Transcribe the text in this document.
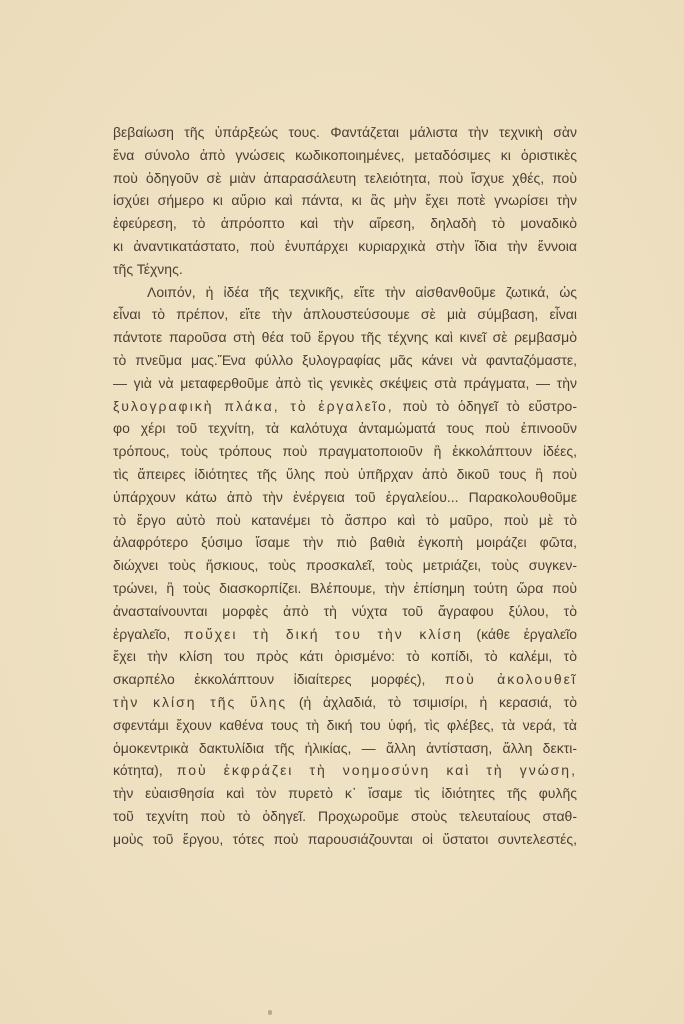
βεβαίωση τῆς ὑπάρξεώς τους. Φαντάζεται μάλιστα τὴν τεχνικὴ σὰν
ἕνα σύνολο ἀπὸ γνώσεις κωδικοποιημένες, μεταδόσιμες κι ὁριστικὲς
ποὺ ὁδηγοῦν σὲ μιὰν ἀπαρασάλευτη τελειότητα, ποὺ ἴσχυε χθές, ποὺ
ἰσχύει σήμερο κι αὔριο καὶ πάντα, κι ἂς μὴν ἔχει ποτὲ γνωρίσει τὴν
ἐφεύρεση, τὸ ἀπρόοπτο καὶ τὴν αἵρεση, δηλαδὴ τὸ μοναδικὸ
κι ἀναντικατάστατο, ποὺ ἐνυπάρχει κυριαρχικὰ στὴν ἴδια τὴν ἔννοια
τῆς Τέχνης.
Λοιπόν, ἡ ἰδέα τῆς τεχνικῆς, εἴτε τὴν αἰσθανθοῦμε ζωτικά, ὡς
εἶναι τὸ πρέπον, εἴτε τὴν ἁπλουστεύσουμε σὲ μιὰ σύμβαση, εἶναι
πάντοτε παροῦσα στὴ θέα τοῦ ἔργου τῆς τέχνης καὶ κινεῖ σὲ ρεμβασμὸ
τὸ πνεῦμα μας.Ἕνα φύλλο ξυλογραφίας μᾶς κάνει νὰ φανταζόμαστε,
— γιὰ νὰ μεταφερθοῦμε ἀπὸ τὶς γενικὲς σκέψεις στὰ πράγματα, — τὴν
ξυλογραφικὴ πλάκα, τὸ ἐργαλεῖο, ποὺ τὸ ὁδηγεῖ τὸ εὔστρο-
φο χέρι τοῦ τεχνίτη, τὰ καλότυχα ἀνταμώματά τους ποὺ ἐπινοοῦν
τρόπους, τοὺς τρόπους ποὺ πραγματοποιοῦν ἢ ἐκκολάπτουν ἰδέες,
τὶς ἄπειρες ἰδιότητες τῆς ὕλης ποὺ ὑπῆρχαν ἀπὸ δικοῦ τους ἢ ποὺ
ὑπάρχουν κάτω ἀπὸ τὴν ἐνέργεια τοῦ ἐργαλείου... Παρακολουθοῦμε
τὸ ἔργο αὐτὸ ποὺ κατανέμει τὸ ἄσπρο καὶ τὸ μαῦρο, ποὺ μὲ τὸ
ἀλαφρότερο ξύσιμο ἴσαμε τὴν πιὸ βαθιὰ ἐγκοπὴ μοιράζει φῶτα,
διώχνει τοὺς ἥσκιους, τοὺς προσκαλεῖ, τοὺς μετριάζει, τοὺς συγκεν-
τρώνει, ἢ τοὺς διασκορπίζει. Βλέπουμε, τὴν ἐπίσημη τούτη ὥρα ποὺ
ἀνασταίνουνται μορφὲς ἀπὸ τὴ νύχτα τοῦ ἄγραφου ξύλου, τὸ
ἐργαλεῖο, ποὔχει τὴ δική του τὴν κλίση (κάθε ἐργαλεῖο
ἔχει τὴν κλίση του πρὸς κάτι ὁρισμένο: τὸ κοπίδι, τὸ καλέμι, τὸ
σκαρπέλο ἐκκολάπτουν ἰδιαίτερες μορφές), ποὺ ἀκολουθεῖ
τὴν κλίση τῆς ὕλης (ἡ ἀχλαδιά, τὸ τσιμισίρι, ἡ κερασιά, τὸ
σφεντάμι ἔχουν καθένα τους τὴ δική του ὑφή, τὶς φλέβες, τὰ νερά, τὰ
ὁμοκεντρικὰ δακτυλίδια τῆς ἡλικίας, — ἄλλη ἀντίσταση, ἄλλη δεκτι-
κότητα), ποὺ ἐκφράζει τὴ νοημοσύνη καὶ τὴ γνώση,
τὴν εὐαισθησία καὶ τὸν πυρετὸ κ᾿ ἴσαμε τὶς ἰδιότητες τῆς φυλῆς
τοῦ τεχνίτη ποὺ τὸ ὁδηγεῖ. Προχωροῦμε στοὺς τελευταίους σταθ-
μοὺς τοῦ ἔργου, τότες ποὺ παρουσιάζουνται οἱ ὕστατοι συντελεστές,
